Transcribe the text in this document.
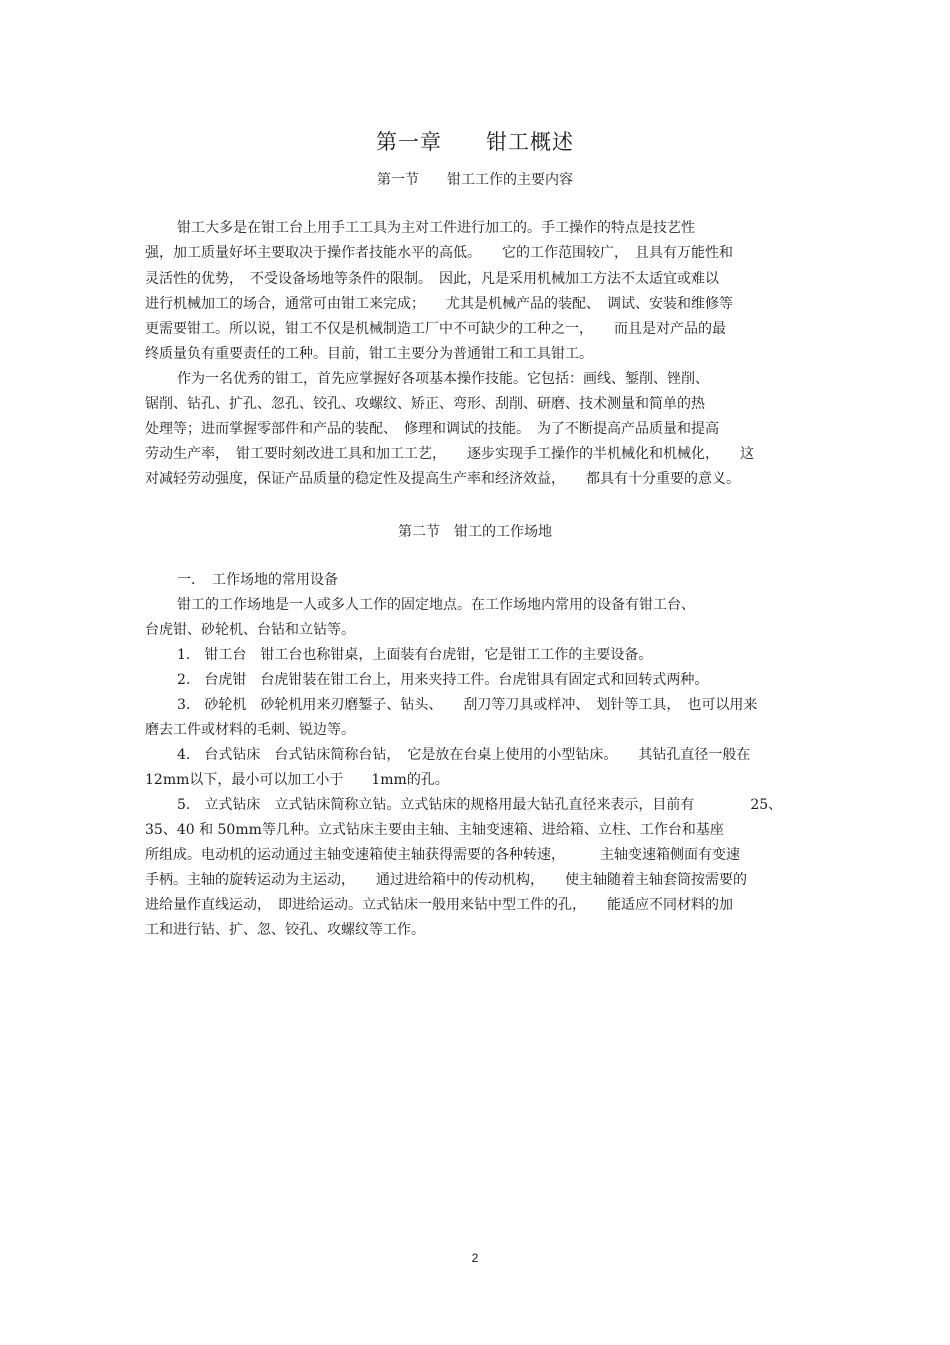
第一章　　钳工概述
第一节　　钳工工作的主要内容
钳工大多是在钳工台上用手工工具为主对工件进行加工的。手工操作的特点是技艺性
强，加工质量好坏主要取决于操作者技能水平的高低。　　它的工作范围较广，　且具有万能性和
灵活性的优势，　不受设备场地等条件的限制。　因此，凡是采用机械加工方法不太适宜或难以
进行机械加工的场合，通常可由钳工来完成；　　尤其是机械产品的装配、　调试、安装和维修等
更需要钳工。所以说，钳工不仅是机械制造工厂中不可缺少的工种之一，　　而且是对产品的最
终质量负有重要责任的工种。目前，钳工主要分为普通钳工和工具钳工。
作为一名优秀的钳工，首先应掌握好各项基本操作技能。它包括：画线、錾削、锉削、
锯削、钻孔、扩孔、忽孔、铰孔、攻螺纹、矫正、弯形、刮削、研磨、技术测量和简单的热
处理等；进而掌握零部件和产品的装配、　修理和调试的技能。　为了不断提高产品质量和提高
劳动生产率，　钳工要时刻改进工具和加工工艺，　　逐步实现手工操作的半机械化和机械化，　　这
对减轻劳动强度，保证产品质量的稳定性及提高生产率和经济效益，　　都具有十分重要的意义。
第二节　钳工的工作场地
一．　工作场地的常用设备
钳工的工作场地是一人或多人工作的固定地点。在工作场地内常用的设备有钳工台、
台虎钳、砂轮机、台钻和立钻等。
1.　钳工台　钳工台也称钳桌，上面装有台虎钳，它是钳工工作的主要设备。
2.　台虎钳　台虎钳装在钳工台上，用来夹持工件。台虎钳具有固定式和回转式两种。
3.　砂轮机　砂轮机用来刃磨錾子、钻头、　　刮刀等刀具或样冲、　划针等工具，　也可以用来
磨去工件或材料的毛刺、锐边等。
4.　台式钻床　台式钻床简称台钻，　它是放在台桌上使用的小型钻床。　　其钻孔直径一般在
12mm以下，最小可以加工小于　　1mm的孔。
5.　立式钻床　立式钻床简称立钻。立式钻床的规格用最大钻孔直径来表示，目前有　　　　25、
35、40 和 50mm等几种。立式钻床主要由主轴、主轴变速箱、进给箱、立柱、工作台和基座
所组成。电动机的运动通过主轴变速箱使主轴获得需要的各种转速，　　　主轴变速箱侧面有变速
手柄。主轴的旋转运动为主运动，　　通过进给箱中的传动机构，　　使主轴随着主轴套筒按需要的
进给量作直线运动，　即进给运动。立式钻床一般用来钻中型工件的孔，　　能适应不同材料的加
工和进行钻、扩、忽、铰孔、攻螺纹等工作。
2
